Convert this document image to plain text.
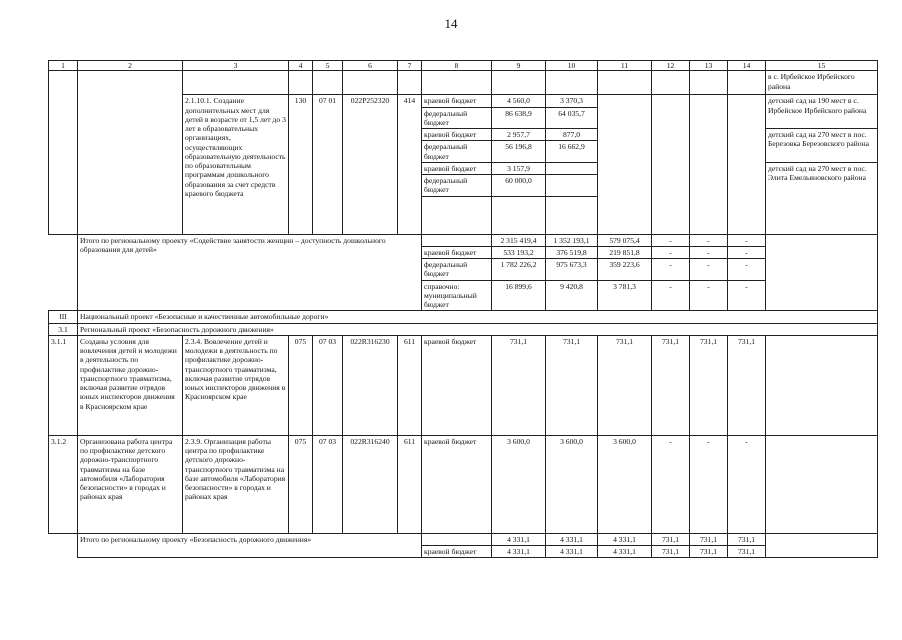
14
1	2	3	4	5	6	7	8	9	10	11	12	13	14	15
														в с. Ирбейское Ирбейского района
		2.1.10.1. Создание дополнительных мест для детей в возрасте от 1,5 лет до 3 лет в образовательных организациях, осуществляющих образовательную деятельность по образовательным программам дошкольного образования за счет средств краевого бюджета	130	07 01	022P252320	414	краевой бюджет	4 560,0	3 370,3					детский сад на 190 мест в с. Ирбейское Ирбейского района
							федеральный бюджет	86 638,9	64 035,7					
							краевой бюджет	2 957,7	877,0					детский сад на 270 мест в пос. Березовка Березовского района
							федеральный бюджет	56 196,8	16 662,9					
							краевой бюджет	3 157,9						детский сад на 270 мест в пос. Элита Емельяновского района
							федеральный бюджет	60 000,0						

	Итого по региональному проекту «Содействие занятости женщин – доступность дошкольного образования для детей»							2 315 419,4	1 352 193,1	579 075,4	-	-	-	
							краевой бюджет	533 193,2	376 519,8	219 851,8	-	-	-	
							федеральный бюджет	1 782 226,2	975 673,3	359 223,6	-	-	-	
							справочно: муниципальный бюджет	16 899,6	9 420,8	3 781,3	-	-	-	
III	Национальный проект «Безопасные и качественные автомобильные дороги»													
3.1	Региональный проект «Безопасность дорожного движения»													
3.1.1	Созданы условия для вовлечения детей и молодежи в деятельность по профилактике дорожно-транспортного травматизма, включая развитие отрядов юных инспекторов движения в Красноярском крае	2.3.4. Вовлечение детей и молодежи в деятельность по профилактике дорожно-транспортного травматизма, включая развитие отрядов юных инспекторов движения в Красноярском крае	075	07 03	022R316230	611	краевой бюджет	731,1	731,1	731,1	731,1	731,1	731,1	
3.1.2	Организована работа центра по профилактике детского дорожно-транспортного травматизма на базе автомобиля «Лаборатория безопасности» в городах и районах края	2.3.9. Организация работы центра по профилактике детского дорожно-транспортного травматизма на базе автомобиля «Лаборатория безопасности» в городах и районах края	075	07 03	022R316240	611	краевой бюджет	3 600,0	3 600,0	3 600,0	-	-	-	
	Итого по региональному проекту «Безопасность дорожного движения»							4 331,1	4 331,1	4 331,1	731,1	731,1	731,1	
							краевой бюджет	4 331,1	4 331,1	4 331,1	731,1	731,1	731,1	
